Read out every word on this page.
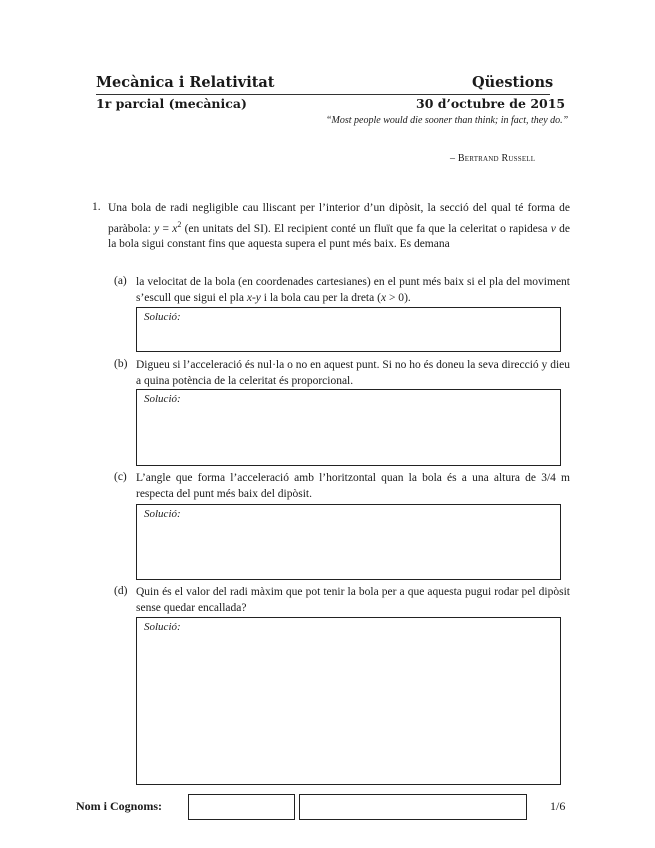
Mecànica i Relativitat	Qüestions
1r parcial (mecànica)	30 d’octubre de 2015
“Most people would die sooner than think; in fact, they do.”
– Bertrand Russell
1. Una bola de radi negligible cau lliscant per l’interior d’un dipòsit, la secció del qual té forma de paràbola: $y = x^2$ (en unitats del SI). El recipient conté un fluït que fa que la celeritat o rapidesa v de la bola sigui constant fins que aquesta supera el punt més baix. Es demana
(a) la velocitat de la bola (en coordenades cartesianes) en el punt més baix si el pla del moviment s’escull que sigui el pla x-y i la bola cau per la dreta (x > 0).
Solució:
(b) Digueu si l’acceleració és nul·la o no en aquest punt. Si no ho és doneu la seva direcció y dieu a quina potència de la celeritat és proporcional.
Solució:
(c) L’angle que forma l’acceleració amb l’horitzontal quan la bola és a una altura de 3/4 m respecta del punt més baix del dipòsit.
Solució:
(d) Quin és el valor del radi màxim que pot tenir la bola per a que aquesta pugui rodar pel dipòsit sense quedar encallada?
Solució:
Nom i Cognoms:	1/6
